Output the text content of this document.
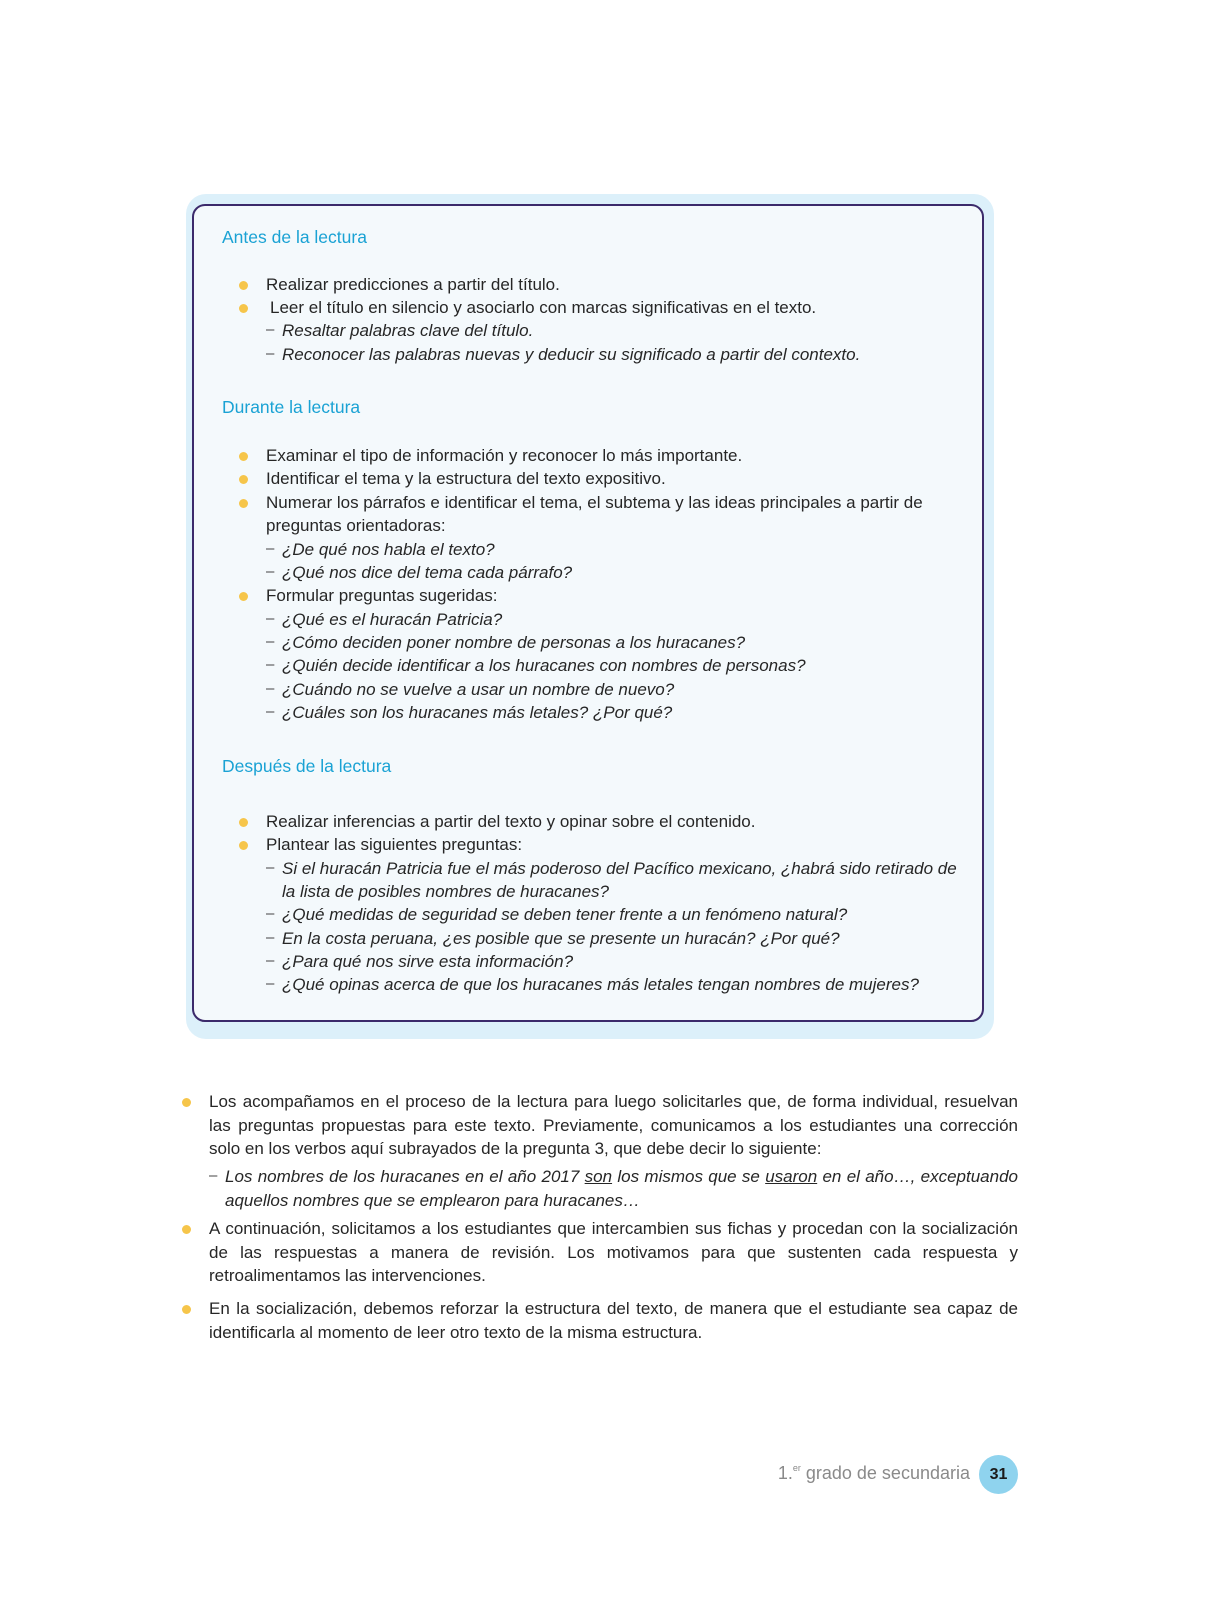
Antes de la lectura
Realizar predicciones a partir del título.
Leer el título en silencio y asociarlo con marcas significativas en el texto.
– Resaltar palabras clave del título.
– Reconocer las palabras nuevas y deducir su significado a partir del contexto.
Durante la lectura
Examinar el tipo de información y reconocer lo más importante.
Identificar el tema y la estructura del texto expositivo.
Numerar los párrafos e identificar el tema, el subtema y las ideas principales a partir de
preguntas orientadoras:
– ¿De qué nos habla el texto?
– ¿Qué nos dice del tema cada párrafo?
Formular preguntas sugeridas:
– ¿Qué es el huracán Patricia?
– ¿Cómo deciden poner nombre de personas a los huracanes?
– ¿Quién decide identificar a los huracanes con nombres de personas?
– ¿Cuándo no se vuelve a usar un nombre de nuevo?
– ¿Cuáles son los huracanes más letales? ¿Por qué?
Después de la lectura
Realizar inferencias a partir del texto y opinar sobre el contenido.
Plantear las siguientes preguntas:
– Si el huracán Patricia fue el más poderoso del Pacífico mexicano, ¿habrá sido retirado de
la lista de posibles nombres de huracanes?
– ¿Qué medidas de seguridad se deben tener frente a un fenómeno natural?
– En la costa peruana, ¿es posible que se presente un huracán? ¿Por qué?
– ¿Para qué nos sirve esta información?
– ¿Qué opinas acerca de que los huracanes más letales tengan nombres de mujeres?
Los acompañamos en el proceso de la lectura para luego solicitarles que, de forma individual, resuelvan las preguntas propuestas para este texto. Previamente, comunicamos a los estudiantes una corrección solo en los verbos aquí subrayados de la pregunta 3, que debe decir lo siguiente:
– Los nombres de los huracanes en el año 2017 son los mismos que se usaron en el año…, exceptuando aquellos nombres que se emplearon para huracanes…
A continuación, solicitamos a los estudiantes que intercambien sus fichas y procedan con la socialización de las respuestas a manera de revisión. Los motivamos para que sustenten cada respuesta y retroalimentamos las intervenciones.
En la socialización, debemos reforzar la estructura del texto, de manera que el estudiante sea capaz de identificarla al momento de leer otro texto de la misma estructura.
1.$^{er}$ grado de secundaria	31
